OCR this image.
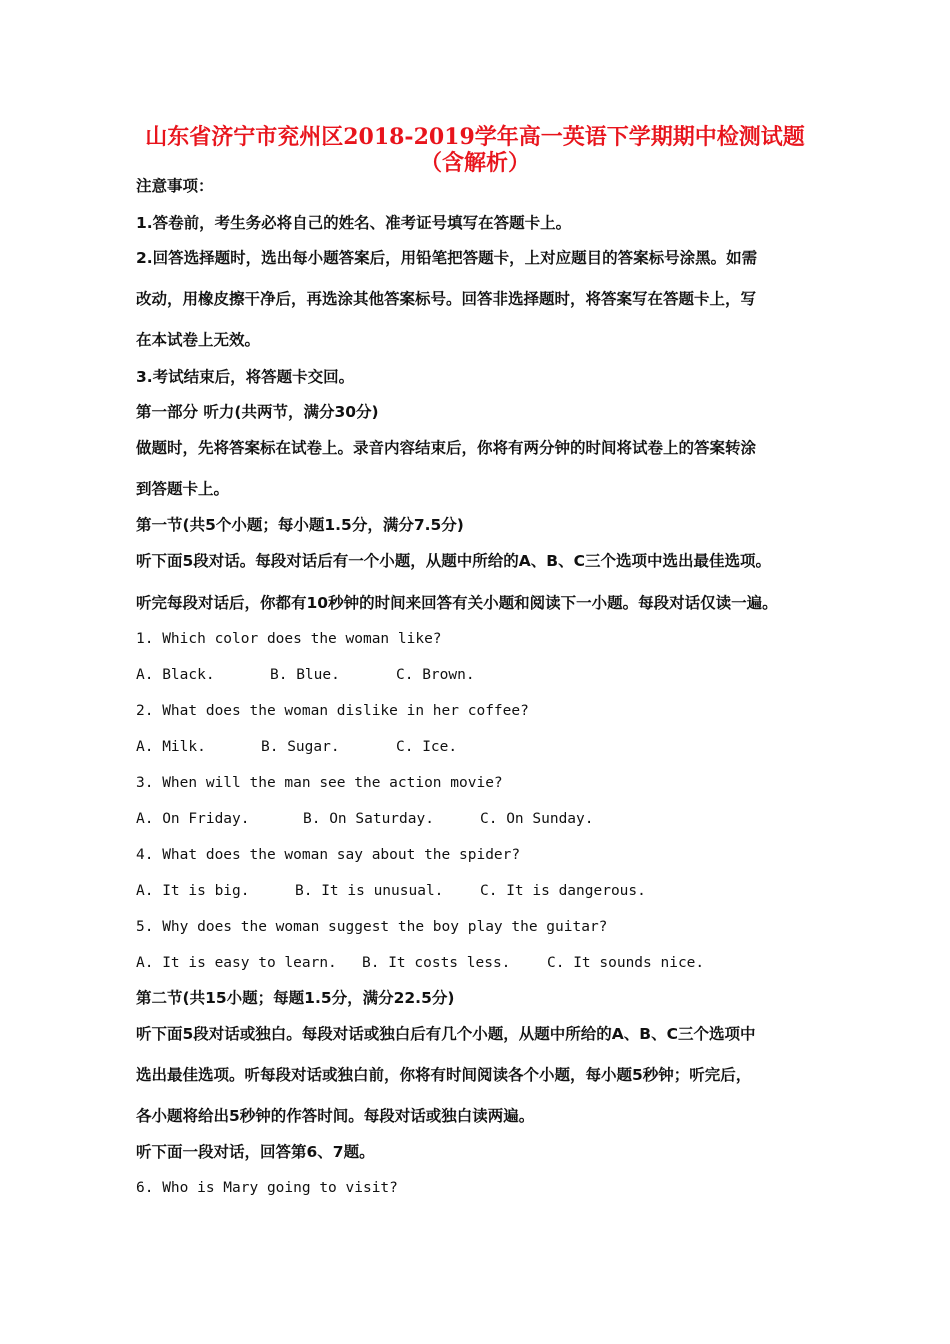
山东省济宁市兖州区2018-2019学年高一英语下学期期中检测试题
（含解析）
注意事项：
1.答卷前，考生务必将自己的姓名、准考证号填写在答题卡上。
2.回答选择题时，选出每小题答案后，用铅笔把答题卡，上对应题目的答案标号涂黑。如需
改动，用橡皮擦干净后，再选涂其他答案标号。回答非选择题时，将答案写在答题卡上，写
在本试卷上无效。
3.考试结束后，将答题卡交回。
第一部分 听力(共两节，满分30分)
做题时，先将答案标在试卷上。录音内容结束后，你将有两分钟的时间将试卷上的答案转涂
到答题卡上。
第一节(共5个小题；每小题1.5分，满分7.5分)
听下面5段对话。每段对话后有一个小题，从题中所给的A、B、C三个选项中选出最佳选项。
听完每段对话后，你都有10秒钟的时间来回答有关小题和阅读下一小题。每段对话仅读一遍。
1. Which color does the woman like?
A. Black.	B. Blue.	C. Brown.
2. What does the woman dislike in her coffee?
A. Milk.	B. Sugar.	C. Ice.
3. When will the man see the action movie?
A. On Friday.	B. On Saturday.	C. On Sunday.
4. What does the woman say about the spider?
A. It is big.	B. It is unusual.	C. It is dangerous.
5. Why does the woman suggest the boy play the guitar?
A. It is easy to learn. B. It costs less.	C. It sounds nice.
第二节(共15小题；每题1.5分，满分22.5分)
听下面5段对话或独白。每段对话或独白后有几个小题，从题中所给的A、B、C三个选项中
选出最佳选项。听每段对话或独白前，你将有时间阅读各个小题，每小题5秒钟；听完后，
各小题将给出5秒钟的作答时间。每段对话或独白读两遍。
听下面一段对话，回答第6、7题。
6. Who is Mary going to visit?
